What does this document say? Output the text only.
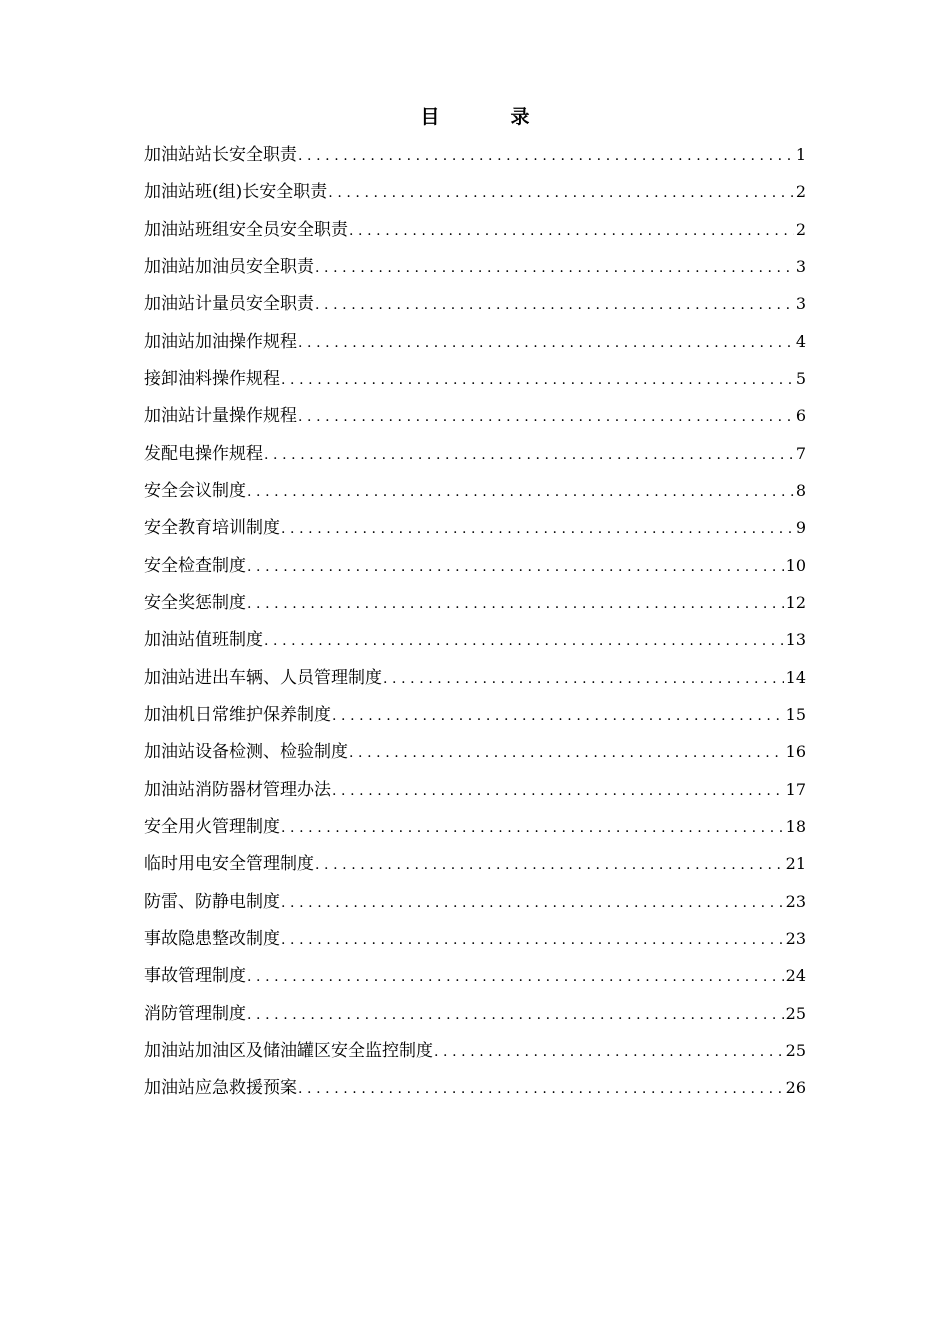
目　录
加油站站长安全职责 .....	1
加油站班(组)长安全职责 .....	2
加油站班组安全员安全职责 .....	2
加油站加油员安全职责 .....	3
加油站计量员安全职责 .....	3
加油站加油操作规程 .....	4
接卸油料操作规程 .....	5
加油站计量操作规程 .....	6
发配电操作规程 .....	7
安全会议制度 .....	8
安全教育培训制度 .....	9
安全检查制度 .....	10
安全奖惩制度 .....	12
加油站值班制度 .....	13
加油站进出车辆、人员管理制度 .....	14
加油机日常维护保养制度 .....	15
加油站设备检测、检验制度 .....	16
加油站消防器材管理办法 .....	17
安全用火管理制度 .....	18
临时用电安全管理制度 .....	21
防雷、防静电制度 .....	23
事故隐患整改制度 .....	23
事故管理制度 .....	24
消防管理制度 .....	25
加油站加油区及储油罐区安全监控制度 .....	25
加油站应急救援预案 .....	26
